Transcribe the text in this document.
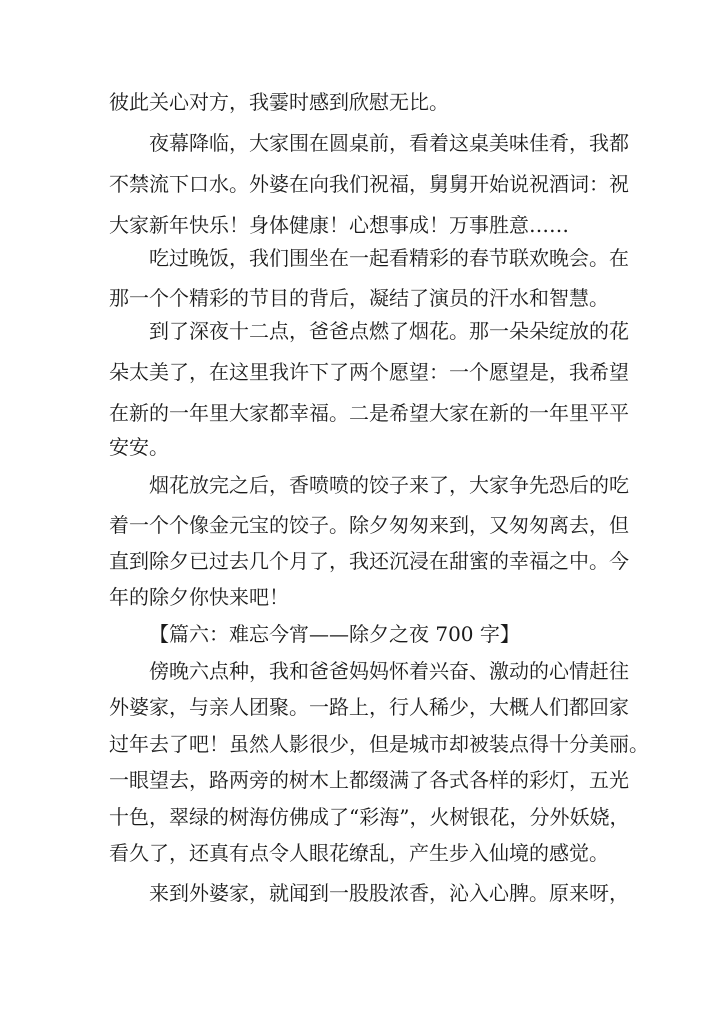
彼此关心对方，我霎时感到欣慰无比。

夜幕降临，大家围在圆桌前，看着这桌美味佳肴，我都

不禁流下口水。外婆在向我们祝福，舅舅开始说祝酒词：祝

大家新年快乐！身体健康！心想事成！万事胜意……

吃过晚饭，我们围坐在一起看精彩的春节联欢晚会。在

那一个个精彩的节目的背后，凝结了演员的汗水和智慧。

到了深夜十二点，爸爸点燃了烟花。那一朵朵绽放的花

朵太美了，在这里我许下了两个愿望：一个愿望是，我希望

在新的一年里大家都幸福。二是希望大家在新的一年里平平

安安。

烟花放完之后，香喷喷的饺子来了，大家争先恐后的吃

着一个个像金元宝的饺子。除夕匆匆来到，又匆匆离去，但

直到除夕已过去几个月了，我还沉浸在甜蜜的幸福之中。今

年的除夕你快来吧！

【篇六：难忘今宵——除夕之夜 700 字】

傍晚六点种，我和爸爸妈妈怀着兴奋、激动的心情赶往

外婆家，与亲人团聚。一路上，行人稀少，大概人们都回家

过年去了吧！虽然人影很少，但是城市却被装点得十分美丽。

一眼望去，路两旁的树木上都缀满了各式各样的彩灯，五光

十色，翠绿的树海仿佛成了“彩海”，火树银花，分外妖娆，

看久了，还真有点令人眼花缭乱，产生步入仙境的感觉。

来到外婆家，就闻到一股股浓香，沁入心脾。原来呀，
